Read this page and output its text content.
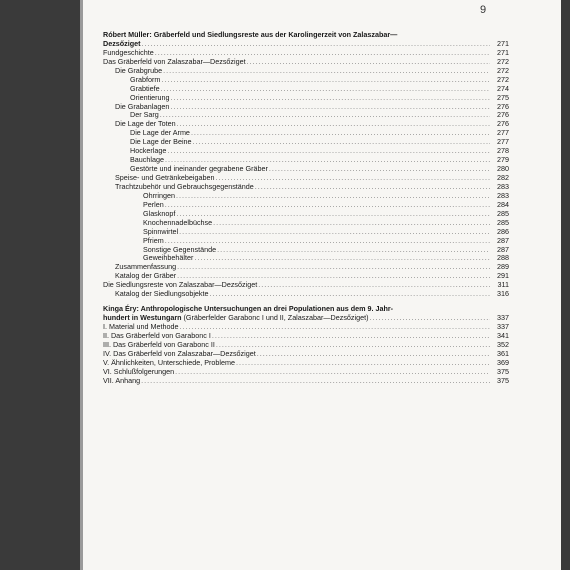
9
Róbert Müller: Gräberfeld und Siedlungsreste aus der Karolingerzeit von Zalaszabar—
Dezsőziget . . .	271
Fundgeschichte . . .	271
Das Gräberfeld von Zalaszabar—Dezsőziget . . .	272
Die Grabgrube . . .	272
Grabform . . .	272
Grabtiefe . . .	274
Orientierung . . .	275
Die Grabanlagen . . .	276
Der Sarg . . .	276
Die Lage der Toten . . .	276
Die Lage der Arme . . .	277
Die Lage der Beine . . .	277
Hockerlage . . .	278
Bauchlage . . .	279
Gestörte und ineinander gegrabene Gräber . . .	280
Speise- und Getränkebeigaben . . .	282
Trachtzubehör und Gebrauchsgegenstände . . .	283
Ohrringen . . .	283
Perlen . . .	284
Glasknopf . . .	285
Knochennadelbüchse . . .	285
Spinnwirtel . . .	286
Pfriem . . .	287
Sonstige Gegenstände . . .	287
Geweihbehälter . . .	288
Zusammenfassung . . .	289
Katalog der Gräber . . .	291
Die Siedlungsreste von Zalaszabar—Dezsőziget . . .	311
Katalog der Siedlungsobjekte . . .	316
Kinga Éry: Anthropologische Untersuchungen an drei Populationen aus dem 9. Jahr-
hundert in Westungarn (Gräberfelder Garabonc I und II, Zalaszabar—Dezsőziget) . . .	337
I. Material und Methode . . .	337
II. Das Gräberfeld von Garabonc I . . .	341
III. Das Gräberfeld von Garabonc II . . .	352
IV. Das Gräberfeld von Zalaszabar—Dezsőziget . . .	361
V. Ähnlichkeiten, Unterschiede, Probleme . . .	369
VI. Schlußfolgerungen . . .	375
VII. Anhang . . .	375
